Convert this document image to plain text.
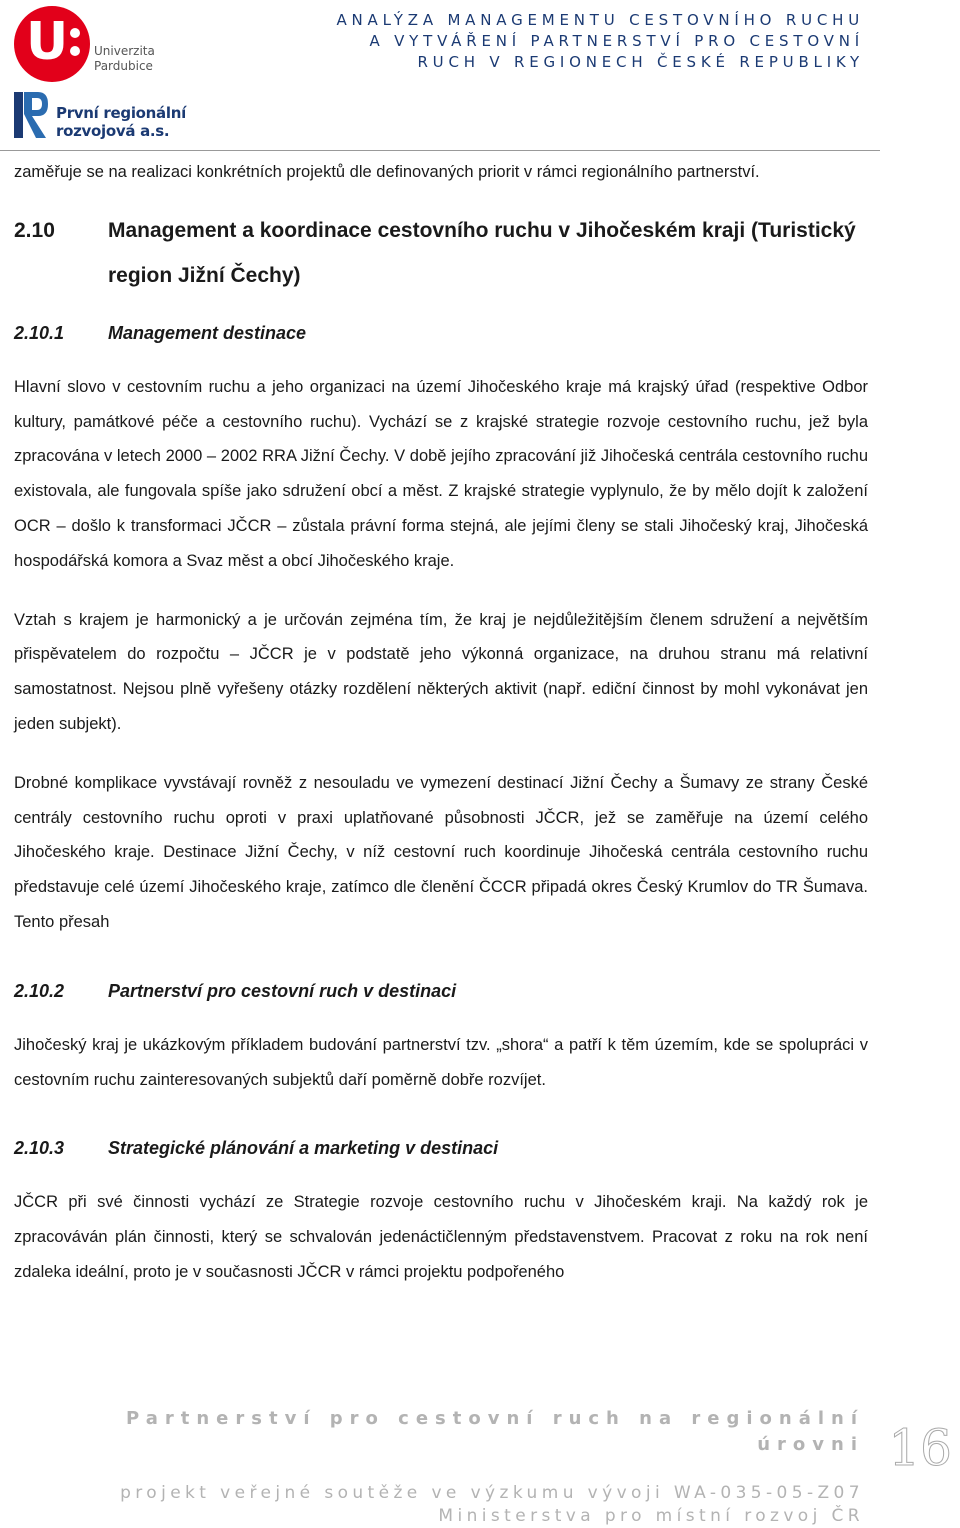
U Univerzita
Pardubice
První regionální
rozvojová a.s.
ANALÝZA MANAGEMENTU CESTOVNÍHO RUCHU
A VYTVÁŘENÍ PARTNERSTVÍ PRO CESTOVNÍ
RUCH V REGIONECH ČESKÉ REPUBLIKY

zaměřuje se na realizaci konkrétních projektů dle definovaných priorit v rámci regionálního partnerství.

2.10	Management a koordinace cestovního ruchu v Jihočeském kraji (Turistický region Jižní Čechy)
2.10.1	Management destinace

Hlavní slovo v cestovním ruchu a jeho organizaci na území Jihočeského kraje má krajský úřad (respektive Odbor kultury, památkové péče a cestovního ruchu). Vychází se z krajské strategie rozvoje cestovního ruchu, jež byla zpracována v letech 2000 – 2002 RRA Jižní Čechy. V době jejího zpracování již Jihočeská centrála cestovního ruchu existovala, ale fungovala spíše jako sdružení obcí a měst. Z krajské strategie vyplynulo, že by mělo dojít k založení OCR – došlo k transformaci JČCR – zůstala právní forma stejná, ale jejími členy se stali Jihočeský kraj, Jihočeská hospodářská komora a Svaz měst a obcí Jihočeského kraje.

Vztah s krajem je harmonický a je určován zejména tím, že kraj je nejdůležitějším členem sdružení a největším přispěvatelem do rozpočtu – JČCR je v podstatě jeho výkonná organizace, na druhou stranu má relativní samostatnost. Nejsou plně vyřešeny otázky rozdělení některých aktivit (např. ediční činnost by mohl vykonávat jen jeden subjekt).

Drobné komplikace vyvstávají rovněž z nesouladu ve vymezení destinací Jižní Čechy a Šumavy ze strany České centrály cestovního ruchu oproti v praxi uplatňované působnosti JČCR, jež se zaměřuje na území celého Jihočeského kraje. Destinace Jižní Čechy, v níž cestovní ruch koordinuje Jihočeská centrála cestovního ruchu představuje celé území Jihočeského kraje, zatímco dle členění ČCCR připadá okres Český Krumlov do TR Šumava. Tento přesah

2.10.2	Partnerství pro cestovní ruch v destinaci

Jihočeský kraj je ukázkovým příkladem budování partnerství tzv. „shora“ a patří k těm územím, kde se spolupráci v cestovním ruchu zainteresovaných subjektů daří poměrně dobře rozvíjet.

2.10.3	Strategické plánování a marketing v destinaci

JČCR při své činnosti vychází ze Strategie rozvoje cestovního ruchu v Jihočeském kraji. Na každý rok je zpracováván plán činnosti, který se schvalován jedenáctičlenným představenstvem. Pracovat z roku na rok není zdaleka ideální, proto je v současnosti JČCR v rámci projektu podpořeného

Partnerství pro cestovní ruch na regionální úrovni
projekt veřejné soutěže ve výzkumu vývoji WA-035-05-Z07
Ministerstva pro místní rozvoj ČR
16
